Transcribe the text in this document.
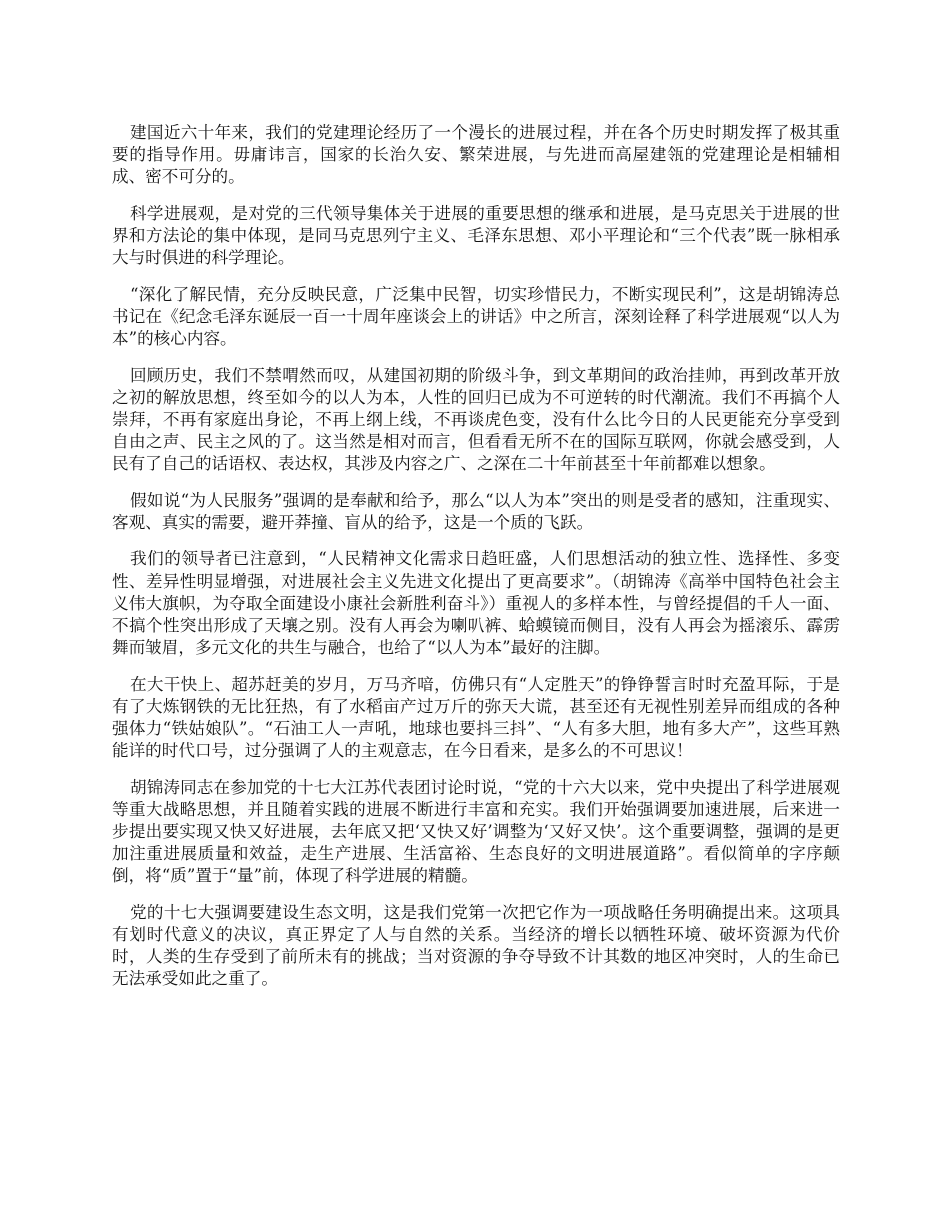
建国近六十年来，我们的党建理论经历了一个漫长的进展过程，并在各个历史时期发挥了极其重要的指导作用。毋庸讳言，国家的长治久安、繁荣进展，与先进而高屋建瓴的党建理论是相辅相成、密不可分的。

科学进展观，是对党的三代领导集体关于进展的重要思想的继承和进展，是马克思关于进展的世界和方法论的集中体现，是同马克思列宁主义、毛泽东思想、邓小平理论和“三个代表”既一脉相承大与时俱进的科学理论。

“深化了解民情，充分反映民意，广泛集中民智，切实珍惜民力，不断实现民利”，这是胡锦涛总书记在《纪念毛泽东诞辰一百一十周年座谈会上的讲话》中之所言，深刻诠释了科学进展观“以人为本”的核心内容。

回顾历史，我们不禁喟然而叹，从建国初期的阶级斗争，到文革期间的政治挂帅，再到改革开放之初的解放思想，终至如今的以人为本，人性的回归已成为不可逆转的时代潮流。我们不再搞个人崇拜，不再有家庭出身论，不再上纲上线，不再谈虎色变，没有什么比今日的人民更能充分享受到自由之声、民主之风的了。这当然是相对而言，但看看无所不在的国际互联网，你就会感受到，人民有了自己的话语权、表达权，其涉及内容之广、之深在二十年前甚至十年前都难以想象。

假如说“为人民服务”强调的是奉献和给予，那么“以人为本”突出的则是受者的感知，注重现实、客观、真实的需要，避开莽撞、盲从的给予，这是一个质的飞跃。

我们的领导者已注意到，“人民精神文化需求日趋旺盛，人们思想活动的独立性、选择性、多变性、差异性明显增强，对进展社会主义先进文化提出了更高要求”。（胡锦涛《高举中国特色社会主义伟大旗帜，为夺取全面建设小康社会新胜利奋斗》）重视人的多样本性，与曾经提倡的千人一面、不搞个性突出形成了天壤之别。没有人再会为喇叭裤、蛤蟆镜而侧目，没有人再会为摇滚乐、霹雳舞而皱眉，多元文化的共生与融合，也给了“以人为本”最好的注脚。

在大干快上、超苏赶美的岁月，万马齐喑，仿佛只有“人定胜天”的铮铮誓言时时充盈耳际，于是有了大炼钢铁的无比狂热，有了水稻亩产过万斤的弥天大谎，甚至还有无视性别差异而组成的各种强体力“铁姑娘队”。“石油工人一声吼，地球也要抖三抖”、“人有多大胆，地有多大产”，这些耳熟能详的时代口号，过分强调了人的主观意志，在今日看来，是多么的不可思议！

胡锦涛同志在参加党的十七大江苏代表团讨论时说，“党的十六大以来，党中央提出了科学进展观等重大战略思想，并且随着实践的进展不断进行丰富和充实。我们开始强调要加速进展，后来进一步提出要实现又快又好进展，去年底又把‘又快又好’调整为‘又好又快’。这个重要调整，强调的是更加注重进展质量和效益，走生产进展、生活富裕、生态良好的文明进展道路”。看似简单的字序颠倒，将“质”置于“量”前，体现了科学进展的精髓。

党的十七大强调要建设生态文明，这是我们党第一次把它作为一项战略任务明确提出来。这项具有划时代意义的决议，真正界定了人与自然的关系。当经济的增长以牺牲环境、破坏资源为代价时，人类的生存受到了前所未有的挑战；当对资源的争夺导致不计其数的地区冲突时，人的生命已无法承受如此之重了。
